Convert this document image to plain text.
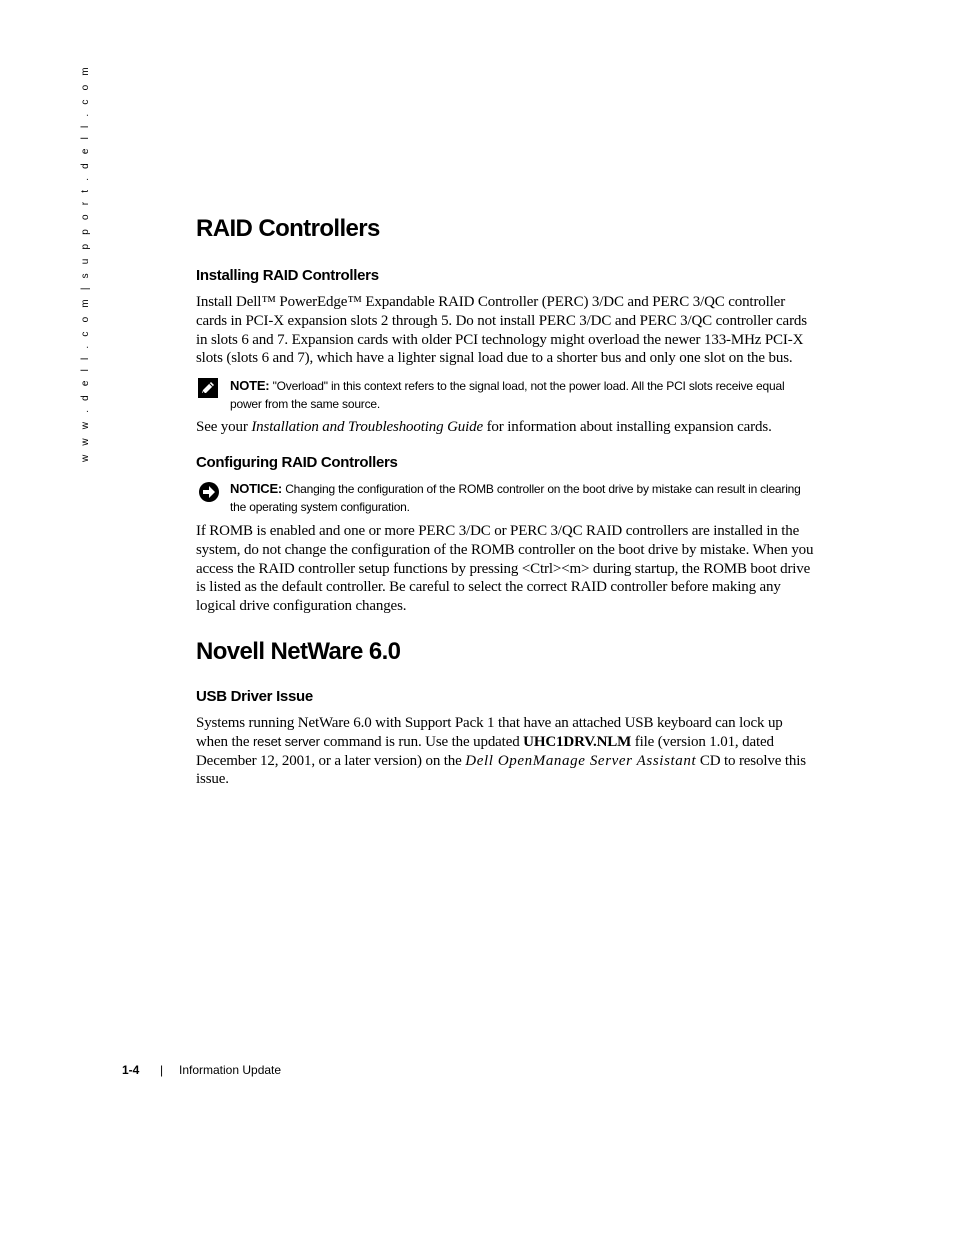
w w w . d e l l . c o m | s u p p o r t . d e l l . c o m	RAID Controllers
Installing RAID Controllers

Install Dell™ PowerEdge™ Expandable RAID Controller (PERC) 3/DC and PERC 3/QC controller cards in PCI-X expansion slots 2 through 5. Do not install PERC 3/DC and PERC 3/QC controller cards in slots 6 and 7. Expansion cards with older PCI technology might overload the newer 133-MHz PCI-X slots (slots 6 and 7), which have a lighter signal load due to a shorter bus and only one slot on the bus.

NOTE: "Overload" in this context refers to the signal load, not the power load. All the PCI slots receive equal power from the same source.

See your Installation and Troubleshooting Guide for information about installing expansion cards.

Configuring RAID Controllers
NOTICE: Changing the configuration of the ROMB controller on the boot drive by mistake can result in clearing the operating system configuration.

If ROMB is enabled and one or more PERC 3/DC or PERC 3/QC RAID controllers are installed in the system, do not change the configuration of the ROMB controller on the boot drive by mistake. When you access the RAID controller setup functions by pressing <Ctrl><m> during startup, the ROMB boot drive is listed as the default controller. Be careful to select the correct RAID controller before making any logical drive configuration changes.

Novell NetWare 6.0
USB Driver Issue

Systems running NetWare 6.0 with Support Pack 1 that have an attached USB keyboard can lock up when the reset server command is run. Use the updated UHC1DRV.NLM file (version 1.01, dated December 12, 2001, or a later version) on the Dell OpenManage Server Assistant CD to resolve this issue.

1-4 | Information Update
